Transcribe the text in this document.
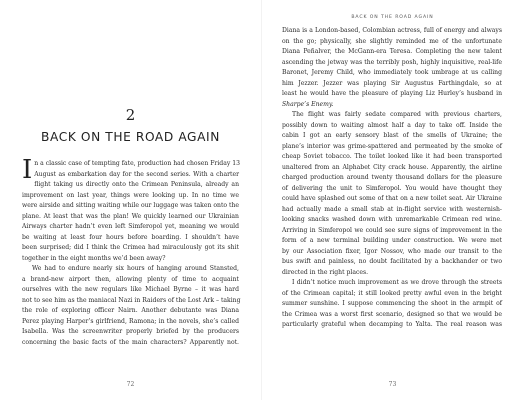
2
BACK ON THE ROAD AGAIN
I n a classic case of tempting fate, production had chosen Friday 13
August as embarkation day for the second series. With a charter
flight taking us directly onto the Crimean Peninsula, already an
improvement on last year, things were looking up. In no time we
were airside and sitting waiting while our luggage was taken onto the
plane. At least that was the plan! We quickly learned our Ukrainian
Airways charter hadn’t even left Simferopol yet, meaning we would
be waiting at least four hours before boarding. I shouldn’t have
been surprised; did I think the Crimea had miraculously got its shit
together in the eight months we’d been away?
We had to endure nearly six hours of hanging around Stansted,
a brand-new airport then, allowing plenty of time to acquaint
ourselves with the new regulars like Michael Byrne – it was hard
not to see him as the maniacal Nazi in Raiders of the Lost Ark – taking
the role of exploring officer Nairn. Another debutante was Diana
Perez playing Harper’s girlfriend, Ramona; in the novels, she’s called
Isabella. Was the screenwriter properly briefed by the producers
concerning the basic facts of the main characters? Apparently not.
72
BACK ON THE ROAD AGAIN
Diana is a London-based, Colombian actress, full of energy and always
on the go; physically, she slightly reminded me of the unfortunate
Diana Peñalver, the McGann-era Teresa. Completing the new talent
ascending the jetway was the terribly posh, highly inquisitive, real-life
Baronet, Jeremy Child, who immediately took umbrage at us calling
him Jezzer. Jezzer was playing Sir Augustus Farthingdale, so at
least he would have the pleasure of playing Liz Hurley’s husband in
Sharpe’s Enemy.
The flight was fairly sedate compared with previous charters,
possibly down to waiting almost half a day to take off. Inside the
cabin I got an early sensory blast of the smells of Ukraine; the
plane’s interior was grime-spattered and permeated by the smoke of
cheap Soviet tobacco. The toilet looked like it had been transported
unaltered from an Alphabet City crack house. Apparently, the airline
charged production around twenty thousand dollars for the pleasure
of delivering the unit to Simferopol. You would have thought they
could have splashed out some of that on a new toilet seat. Air Ukraine
had actually made a small stab at in-flight service with westernish-
looking snacks washed down with unremarkable Crimean red wine.
Arriving in Simferopol we could see sure signs of improvement in the
form of a new terminal building under construction. We were met
by our Association fixer, Igor Nossov, who made our transit to the
bus swift and painless, no doubt facilitated by a backhander or two
directed in the right places.
I didn’t notice much improvement as we drove through the streets
of the Crimean capital; it still looked pretty awful even in the bright
summer sunshine. I suppose commencing the shoot in the armpit of
the Crimea was a worst first scenario, designed so that we would be
particularly grateful when decamping to Yalta. The real reason was
73
